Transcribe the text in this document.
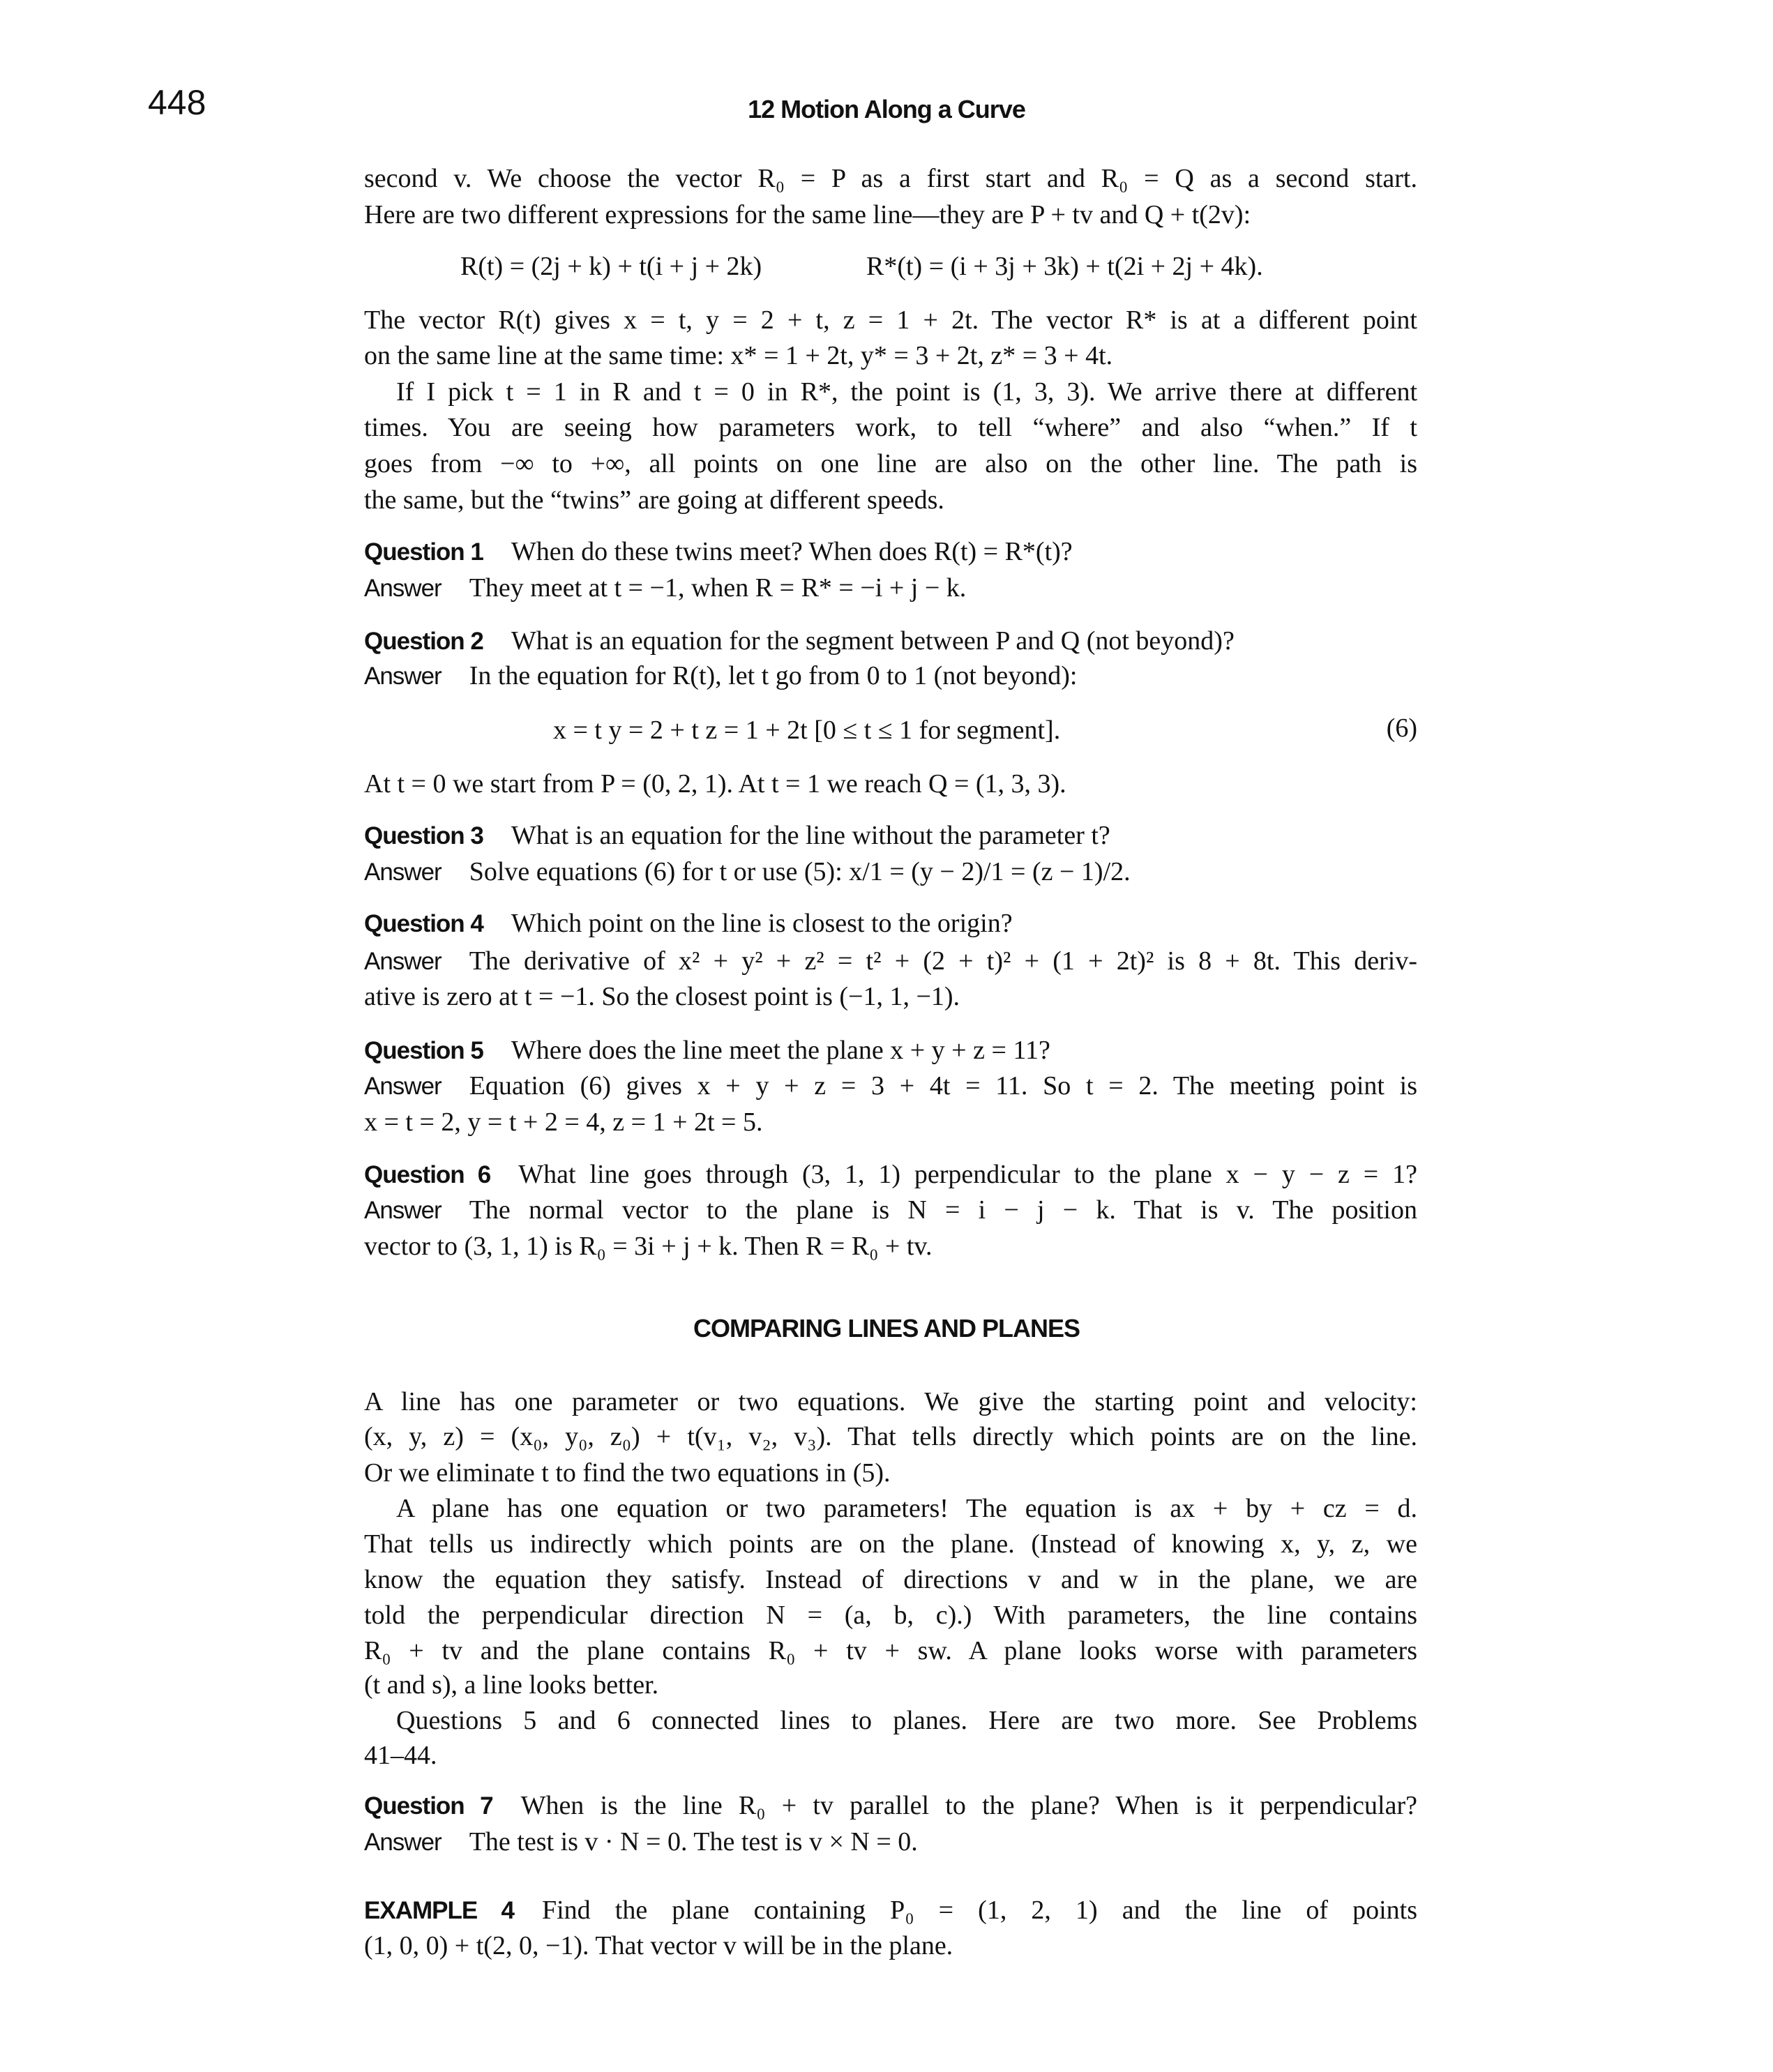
448	12 Motion Along a Curve
COMPARING LINES AND PLANES
R(t) = (2j + k) + t(i + j + 2k)	R*(t) = (i + 3j + 3k) + t(2i + 2j + 4k).
x = t y = 2 + t z = 1 + 2t [0 ≤ t ≤ 1 for segment].	(6)
second v. We choose the vector R₀ = P as a first start and R₀ = Q as a second start.
Here are two different expressions for the same line—they are P + tv and Q + t(2v):
The vector R(t) gives x = t, y = 2 + t, z = 1 + 2t. The vector R* is at a different point
on the same line at the same time: x* = 1 + 2t, y* = 3 + 2t, z* = 3 + 4t.
If I pick t = 1 in R and t = 0 in R*, the point is (1, 3, 3). We arrive there at different
times. You are seeing how parameters work, to tell “where” and also “when.” If t
goes from −∞ to +∞, all points on one line are also on the other line. The path is
the same, but the “twins” are going at different speeds.
Question 1 When do these twins meet? When does R(t) = R*(t)?
Answer They meet at t = −1, when R = R* = −i + j − k.
Question 2 What is an equation for the segment between P and Q (not beyond)?
Answer In the equation for R(t), let t go from 0 to 1 (not beyond):
At t = 0 we start from P = (0, 2, 1). At t = 1 we reach Q = (1, 3, 3).
Question 3 What is an equation for the line without the parameter t?
Answer Solve equations (6) for t or use (5): x/1 = (y − 2)/1 = (z − 1)/2.
Question 4 Which point on the line is closest to the origin?
Answer The derivative of x² + y² + z² = t² + (2 + t)² + (1 + 2t)² is 8 + 8t. This deriv-
ative is zero at t = −1. So the closest point is (−1, 1, −1).
Question 5 Where does the line meet the plane x + y + z = 11?
Answer Equation (6) gives x + y + z = 3 + 4t = 11. So t = 2. The meeting point is
x = t = 2, y = t + 2 = 4, z = 1 + 2t = 5.
Question 6 What line goes through (3, 1, 1) perpendicular to the plane x − y − z = 1?
Answer The normal vector to the plane is N = i − j − k. That is v. The position
vector to (3, 1, 1) is R₀ = 3i + j + k. Then R = R₀ + tv.
A line has one parameter or two equations. We give the starting point and velocity:
(x, y, z) = (x₀, y₀, z₀) + t(v₁, v₂, v₃). That tells directly which points are on the line.
Or we eliminate t to find the two equations in (5).
A plane has one equation or two parameters! The equation is ax + by + cz = d.
That tells us indirectly which points are on the plane. (Instead of knowing x, y, z, we
know the equation they satisfy. Instead of directions v and w in the plane, we are
told the perpendicular direction N = (a, b, c).) With parameters, the line contains
R₀ + tv and the plane contains R₀ + tv + sw. A plane looks worse with parameters
(t and s), a line looks better.
Questions 5 and 6 connected lines to planes. Here are two more. See Problems
41–44.
Question 7 When is the line R₀ + tv parallel to the plane? When is it perpendicular?
Answer The test is v · N = 0. The test is v × N = 0.
EXAMPLE 4 Find the plane containing P₀ = (1, 2, 1) and the line of points
(1, 0, 0) + t(2, 0, −1). That vector v will be in the plane.
